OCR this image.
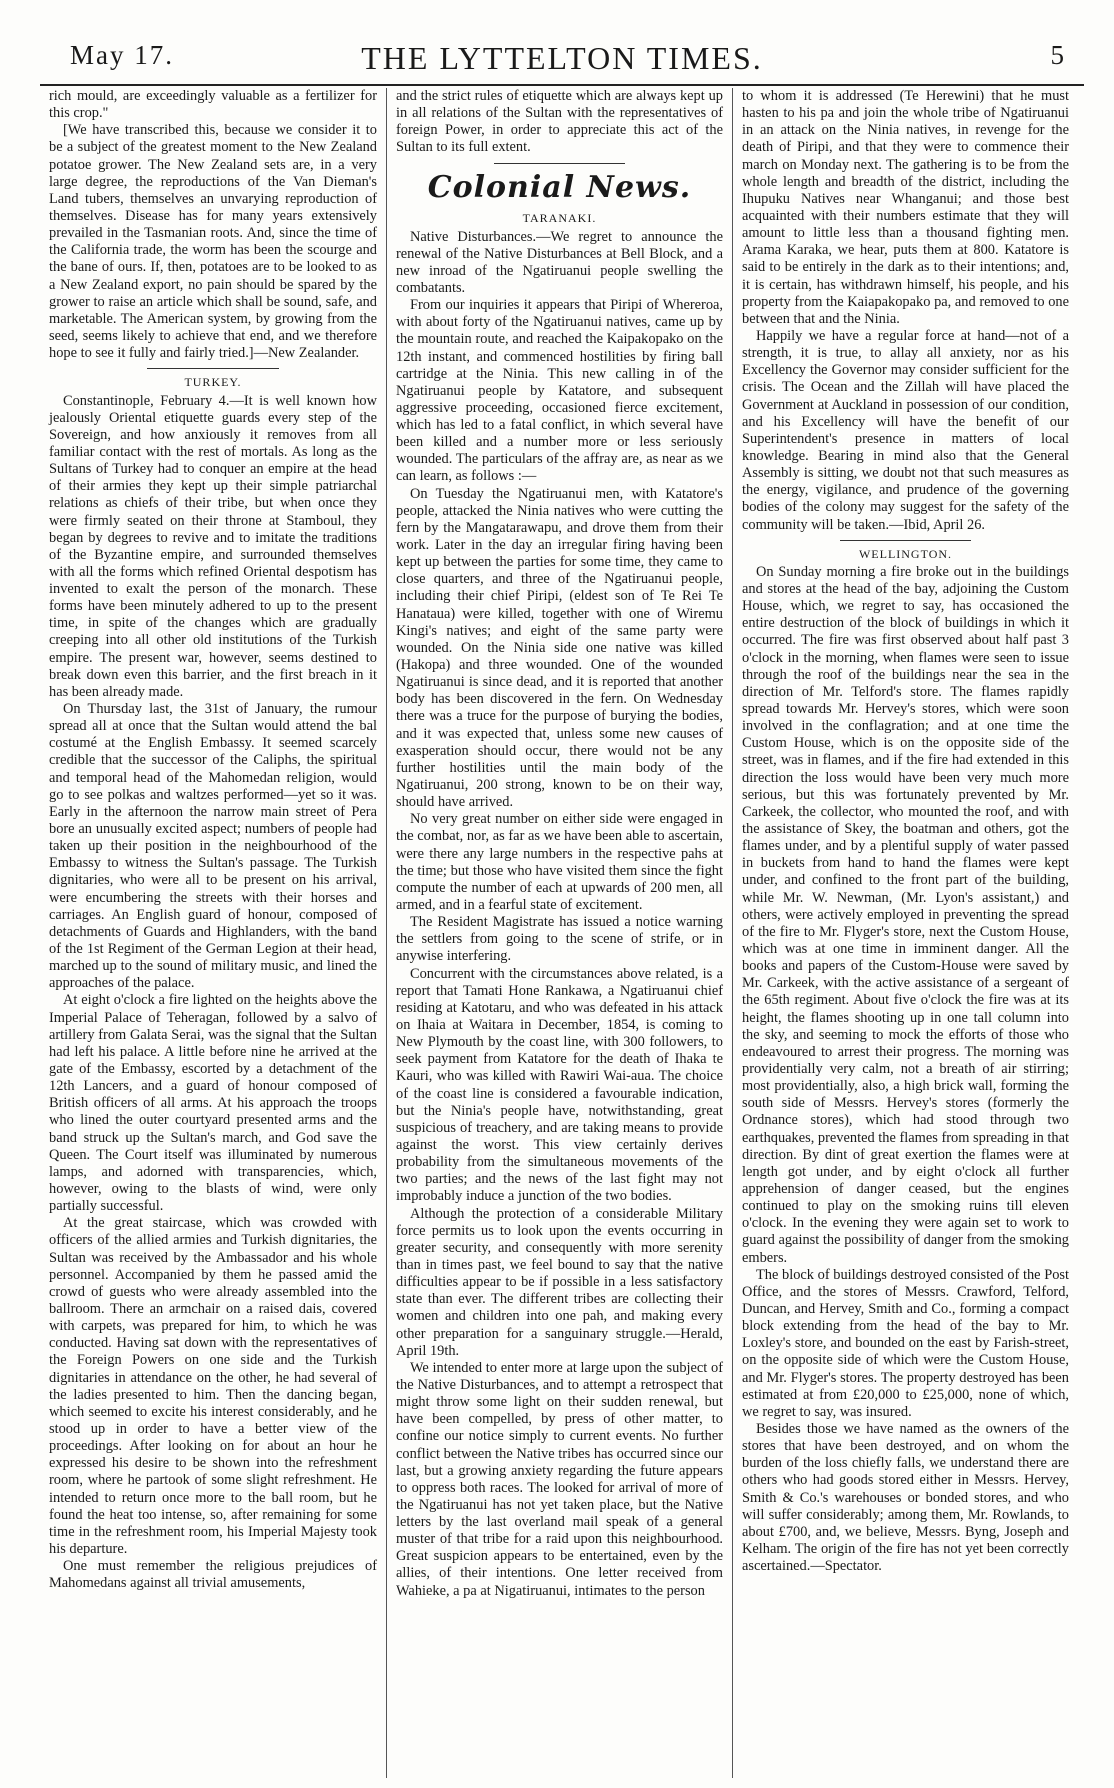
May 17.	THE LYTTELTON TIMES.	5

rich mould, are exceedingly valuable as a fertilizer for this crop."

[We have transcribed this, because we consider it to be a subject of the greatest moment to the New Zealand potatoe grower. The New Zealand sets are, in a very large degree, the reproductions of the Van Dieman's Land tubers, themselves an unvarying reproduction of themselves. Disease has for many years extensively prevailed in the Tasmanian roots. And, since the time of the California trade, the worm has been the scourge and the bane of ours. If, then, potatoes are to be looked to as a New Zealand export, no pain should be spared by the grower to raise an article which shall be sound, safe, and marketable. The American system, by growing from the seed, seems likely to achieve that end, and we therefore hope to see it fully and fairly tried.]—New Zealander.

TURKEY.

Constantinople, February 4.—It is well known how jealously Oriental etiquette guards every step of the Sovereign, and how anxiously it removes from all familiar contact with the rest of mortals. As long as the Sultans of Turkey had to conquer an empire at the head of their armies they kept up their simple patriarchal relations as chiefs of their tribe, but when once they were firmly seated on their throne at Stamboul, they began by degrees to revive and to imitate the traditions of the Byzantine empire, and surrounded themselves with all the forms which refined Oriental despotism has invented to exalt the person of the monarch. These forms have been minutely adhered to up to the present time, in spite of the changes which are gradually creeping into all other old institutions of the Turkish empire. The present war, however, seems destined to break down even this barrier, and the first breach in it has been already made.

On Thursday last, the 31st of January, the rumour spread all at once that the Sultan would attend the bal costumé at the English Embassy. It seemed scarcely credible that the successor of the Caliphs, the spiritual and temporal head of the Mahomedan religion, would go to see polkas and waltzes performed—yet so it was. Early in the afternoon the narrow main street of Pera bore an unusually excited aspect; numbers of people had taken up their position in the neighbourhood of the Embassy to witness the Sultan's passage. The Turkish dignitaries, who were all to be present on his arrival, were encumbering the streets with their horses and carriages. An English guard of honour, composed of detachments of Guards and Highlanders, with the band of the 1st Regiment of the German Legion at their head, marched up to the sound of military music, and lined the approaches of the palace.

At eight o'clock a fire lighted on the heights above the Imperial Palace of Teheragan, followed by a salvo of artillery from Galata Serai, was the signal that the Sultan had left his palace. A little before nine he arrived at the gate of the Embassy, escorted by a detachment of the 12th Lancers, and a guard of honour composed of British officers of all arms. At his approach the troops who lined the outer courtyard presented arms and the band struck up the Sultan's march, and God save the Queen. The Court itself was illuminated by numerous lamps, and adorned with transparencies, which, however, owing to the blasts of wind, were only partially successful.

At the great staircase, which was crowded with officers of the allied armies and Turkish dignitaries, the Sultan was received by the Ambassador and his whole personnel. Accompanied by them he passed amid the crowd of guests who were already assembled into the ballroom. There an armchair on a raised dais, covered with carpets, was prepared for him, to which he was conducted. Having sat down with the representatives of the Foreign Powers on one side and the Turkish dignitaries in attendance on the other, he had several of the ladies presented to him. Then the dancing began, which seemed to excite his interest considerably, and he stood up in order to have a better view of the proceedings. After looking on for about an hour he expressed his desire to be shown into the refreshment room, where he partook of some slight refreshment. He intended to return once more to the ball room, but he found the heat too intense, so, after remaining for some time in the refreshment room, his Imperial Majesty took his departure.

One must remember the religious prejudices of Mahomedans against all trivial amusements,

and the strict rules of etiquette which are always kept up in all relations of the Sultan with the representatives of foreign Power, in order to appreciate this act of the Sultan to its full extent.

Colonial News.
TARANAKI.

Native Disturbances.—We regret to announce the renewal of the Native Disturbances at Bell Block, and a new inroad of the Ngatiruanui people swelling the combatants.

From our inquiries it appears that Piripi of Whereroa, with about forty of the Ngatiruanui natives, came up by the mountain route, and reached the Kaipakopako on the 12th instant, and commenced hostilities by firing ball cartridge at the Ninia. This new calling in of the Ngatiruanui people by Katatore, and subsequent aggressive proceeding, occasioned fierce excitement, which has led to a fatal conflict, in which several have been killed and a number more or less seriously wounded. The particulars of the affray are, as near as we can learn, as follows :—

On Tuesday the Ngatiruanui men, with Katatore's people, attacked the Ninia natives who were cutting the fern by the Mangatarawapu, and drove them from their work. Later in the day an irregular firing having been kept up between the parties for some time, they came to close quarters, and three of the Ngatiruanui people, including their chief Piripi, (eldest son of Te Rei Te Hanataua) were killed, together with one of Wiremu Kingi's natives; and eight of the same party were wounded. On the Ninia side one native was killed (Hakopa) and three wounded. One of the wounded Ngatiruanui is since dead, and it is reported that another body has been discovered in the fern. On Wednesday there was a truce for the purpose of burying the bodies, and it was expected that, unless some new causes of exasperation should occur, there would not be any further hostilities until the main body of the Ngatiruanui, 200 strong, known to be on their way, should have arrived.

No very great number on either side were engaged in the combat, nor, as far as we have been able to ascertain, were there any large numbers in the respective pahs at the time; but those who have visited them since the fight compute the number of each at upwards of 200 men, all armed, and in a fearful state of excitement.

The Resident Magistrate has issued a notice warning the settlers from going to the scene of strife, or in anywise interfering.

Concurrent with the circumstances above related, is a report that Tamati Hone Rankawa, a Ngatiruanui chief residing at Katotaru, and who was defeated in his attack on Ihaia at Waitara in December, 1854, is coming to New Plymouth by the coast line, with 300 followers, to seek payment from Katatore for the death of Ihaka te Kauri, who was killed with Rawiri Wai-aua. The choice of the coast line is considered a favourable indication, but the Ninia's people have, notwithstanding, great suspicious of treachery, and are taking means to provide against the worst. This view certainly derives probability from the simultaneous movements of the two parties; and the news of the last fight may not improbably induce a junction of the two bodies.

Although the protection of a considerable Military force permits us to look upon the events occurring in greater security, and consequently with more serenity than in times past, we feel bound to say that the native difficulties appear to be if possible in a less satisfactory state than ever. The different tribes are collecting their women and children into one pah, and making every other preparation for a sanguinary struggle.—Herald, April 19th.

We intended to enter more at large upon the subject of the Native Disturbances, and to attempt a retrospect that might throw some light on their sudden renewal, but have been compelled, by press of other matter, to confine our notice simply to current events. No further conflict between the Native tribes has occurred since our last, but a growing anxiety regarding the future appears to oppress both races. The looked for arrival of more of the Ngatiruanui has not yet taken place, but the Native letters by the last overland mail speak of a general muster of that tribe for a raid upon this neighbourhood. Great suspicion appears to be entertained, even by the allies, of their intentions. One letter received from Wahieke, a pa at Nigatiruanui, intimates to the person

to whom it is addressed (Te Herewini) that he must hasten to his pa and join the whole tribe of Ngatiruanui in an attack on the Ninia natives, in revenge for the death of Piripi, and that they were to commence their march on Monday next. The gathering is to be from the whole length and breadth of the district, including the Ihupuku Natives near Whanganui; and those best acquainted with their numbers estimate that they will amount to little less than a thousand fighting men. Arama Karaka, we hear, puts them at 800. Katatore is said to be entirely in the dark as to their intentions; and, it is certain, has withdrawn himself, his people, and his property from the Kaiapakopako pa, and removed to one between that and the Ninia.

Happily we have a regular force at hand—not of a strength, it is true, to allay all anxiety, nor as his Excellency the Governor may consider sufficient for the crisis. The Ocean and the Zillah will have placed the Government at Auckland in possession of our condition, and his Excellency will have the benefit of our Superintendent's presence in matters of local knowledge. Bearing in mind also that the General Assembly is sitting, we doubt not that such measures as the energy, vigilance, and prudence of the governing bodies of the colony may suggest for the safety of the community will be taken.—Ibid, April 26.

WELLINGTON.

On Sunday morning a fire broke out in the buildings and stores at the head of the bay, adjoining the Custom House, which, we regret to say, has occasioned the entire destruction of the block of buildings in which it occurred. The fire was first observed about half past 3 o'clock in the morning, when flames were seen to issue through the roof of the buildings near the sea in the direction of Mr. Telford's store. The flames rapidly spread towards Mr. Hervey's stores, which were soon involved in the conflagration; and at one time the Custom House, which is on the opposite side of the street, was in flames, and if the fire had extended in this direction the loss would have been very much more serious, but this was fortunately prevented by Mr. Carkeek, the collector, who mounted the roof, and with the assistance of Skey, the boatman and others, got the flames under, and by a plentiful supply of water passed in buckets from hand to hand the flames were kept under, and confined to the front part of the building, while Mr. W. Newman, (Mr. Lyon's assistant,) and others, were actively employed in preventing the spread of the fire to Mr. Flyger's store, next the Custom House, which was at one time in imminent danger. All the books and papers of the Custom-House were saved by Mr. Carkeek, with the active assistance of a sergeant of the 65th regiment. About five o'clock the fire was at its height, the flames shooting up in one tall column into the sky, and seeming to mock the efforts of those who endeavoured to arrest their progress. The morning was providentially very calm, not a breath of air stirring; most providentially, also, a high brick wall, forming the south side of Messrs. Hervey's stores (formerly the Ordnance stores), which had stood through two earthquakes, prevented the flames from spreading in that direction. By dint of great exertion the flames were at length got under, and by eight o'clock all further apprehension of danger ceased, but the engines continued to play on the smoking ruins till eleven o'clock. In the evening they were again set to work to guard against the possibility of danger from the smoking embers.

The block of buildings destroyed consisted of the Post Office, and the stores of Messrs. Crawford, Telford, Duncan, and Hervey, Smith and Co., forming a compact block extending from the head of the bay to Mr. Loxley's store, and bounded on the east by Farish-street, on the opposite side of which were the Custom House, and Mr. Flyger's stores. The property destroyed has been estimated at from £20,000 to £25,000, none of which, we regret to say, was insured.

Besides those we have named as the owners of the stores that have been destroyed, and on whom the burden of the loss chiefly falls, we understand there are others who had goods stored either in Messrs. Hervey, Smith & Co.'s warehouses or bonded stores, and who will suffer considerably; among them, Mr. Rowlands, to about £700, and, we believe, Messrs. Byng, Joseph and Kelham. The origin of the fire has not yet been correctly ascertained.—Spectator.
